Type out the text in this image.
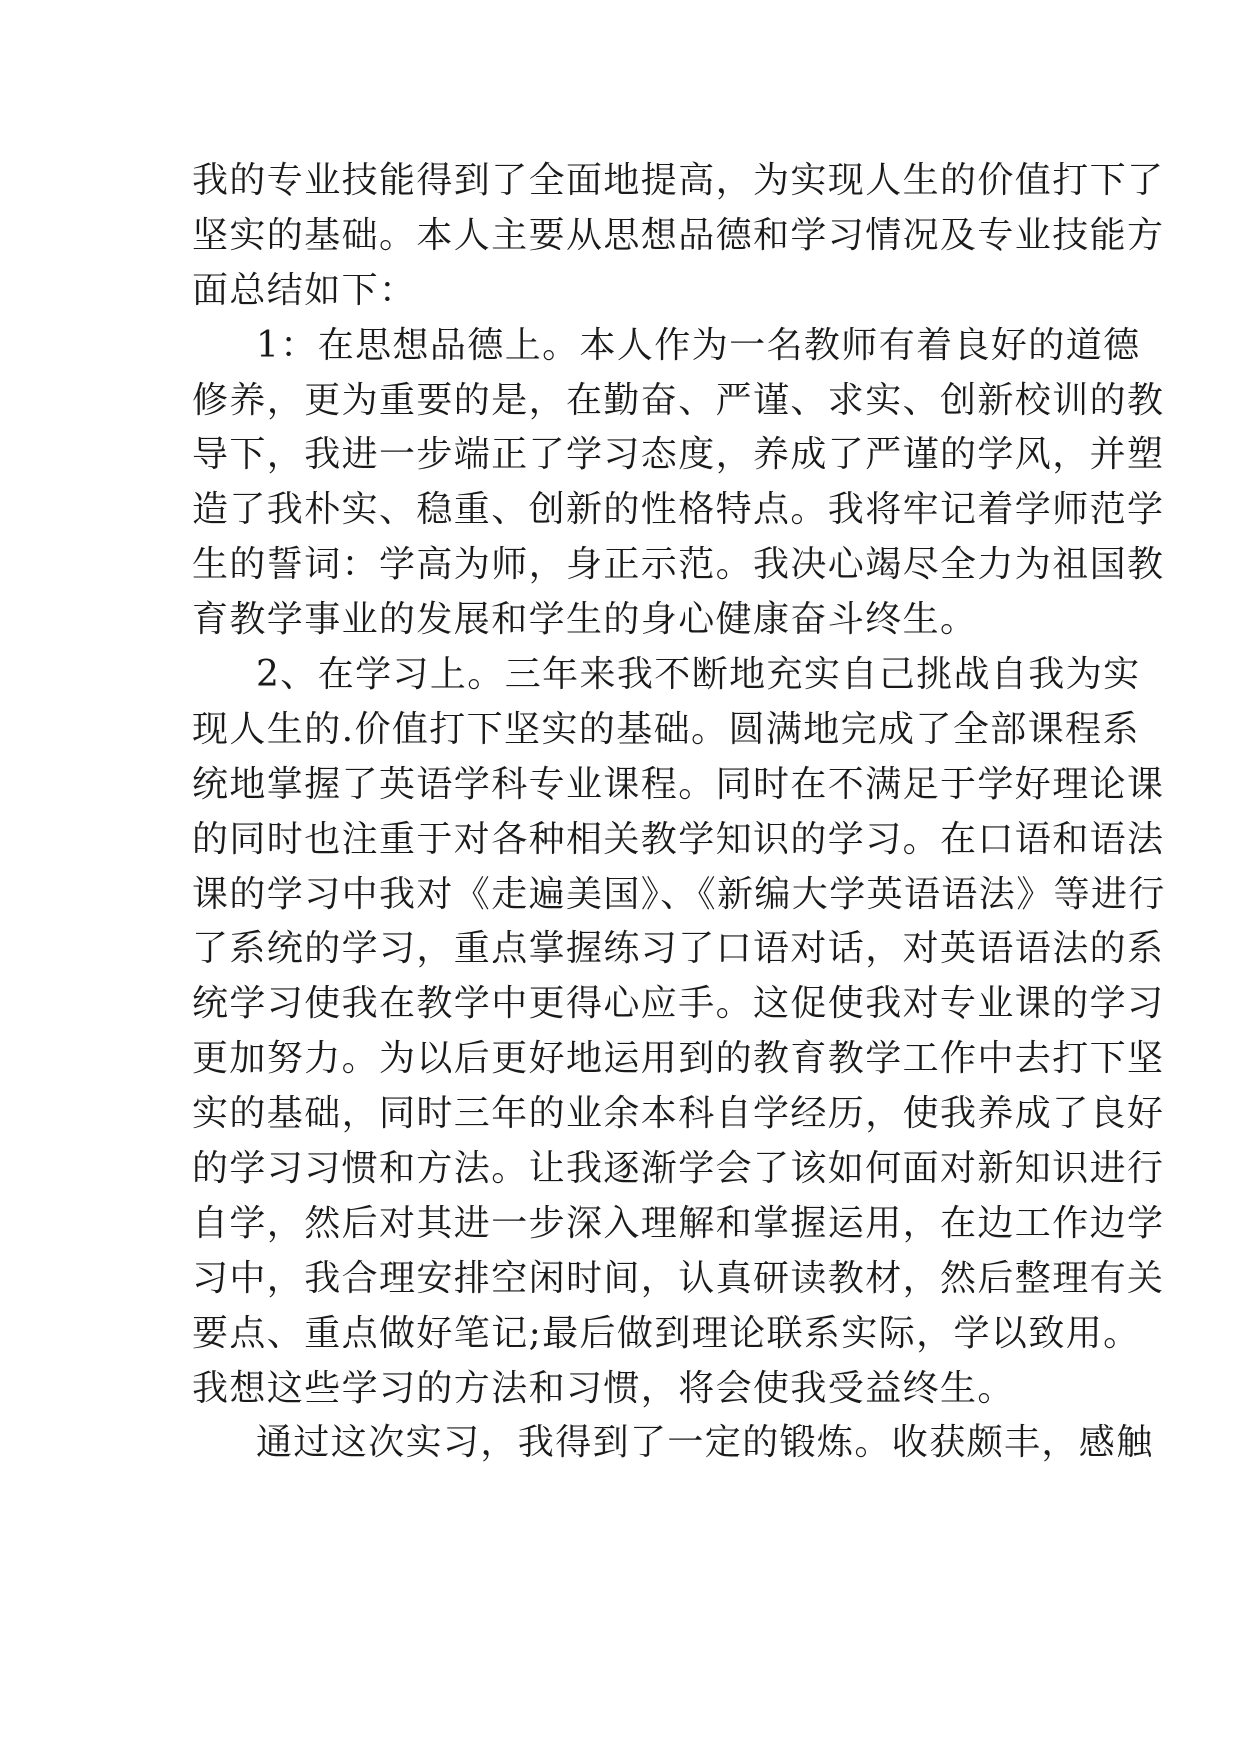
我的专业技能得到了全面地提高，为实现人生的价值打下了
坚实的基础。本人主要从思想品德和学习情况及专业技能方
面总结如下：
1：在思想品德上。本人作为一名教师有着良好的道德
修养，更为重要的是，在勤奋、严谨、求实、创新校训的教
导下，我进一步端正了学习态度，养成了严谨的学风，并塑
造了我朴实、稳重、创新的性格特点。我将牢记着学师范学
生的誓词：学高为师，身正示范。我决心竭尽全力为祖国教
育教学事业的发展和学生的身心健康奋斗终生。
2、在学习上。三年来我不断地充实自己挑战自我为实
现人生的.价值打下坚实的基础。圆满地完成了全部课程系
统地掌握了英语学科专业课程。同时在不满足于学好理论课
的同时也注重于对各种相关教学知识的学习。在口语和语法
课的学习中我对《走遍美国》、《新编大学英语语法》等进行
了系统的学习，重点掌握练习了口语对话，对英语语法的系
统学习使我在教学中更得心应手。这促使我对专业课的学习
更加努力。为以后更好地运用到的教育教学工作中去打下坚
实的基础，同时三年的业余本科自学经历，使我养成了良好
的学习习惯和方法。让我逐渐学会了该如何面对新知识进行
自学，然后对其进一步深入理解和掌握运用，在边工作边学
习中，我合理安排空闲时间，认真研读教材，然后整理有关
要点、重点做好笔记;最后做到理论联系实际，学以致用。
我想这些学习的方法和习惯，将会使我受益终生。
通过这次实习，我得到了一定的锻炼。收获颇丰，感触
